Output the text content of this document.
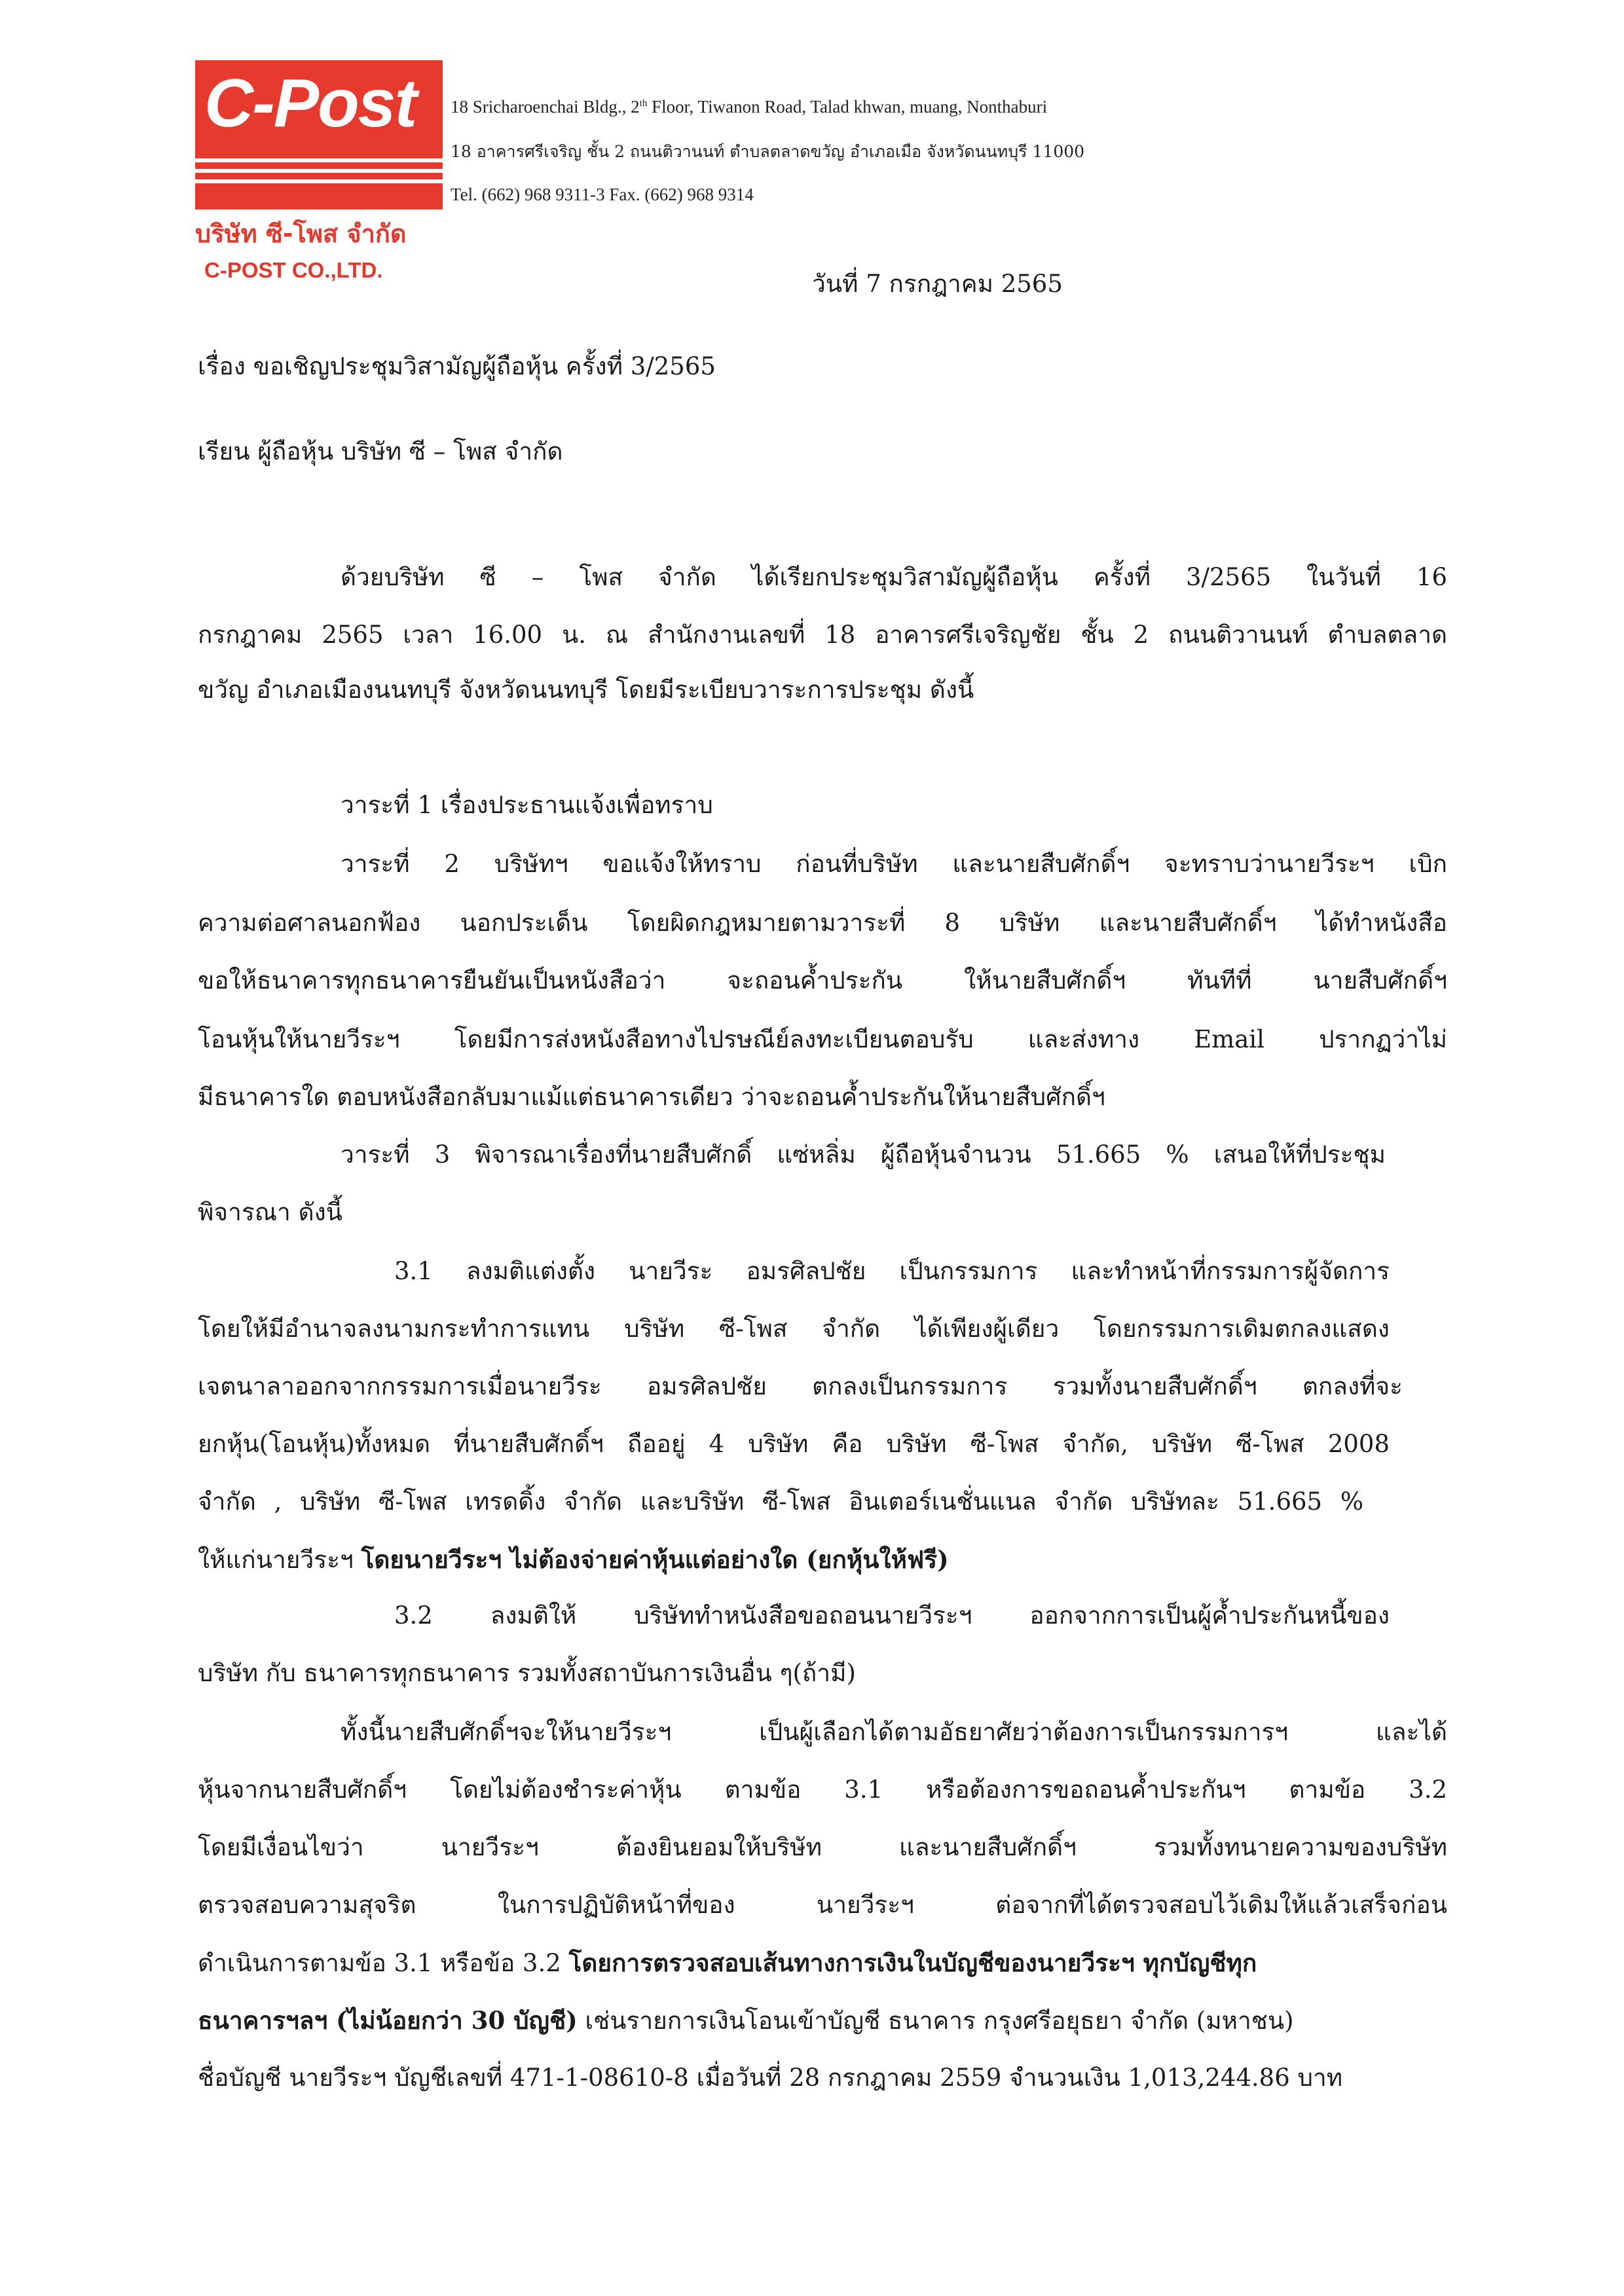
C-Post
บริษัท ซี-โพส จำกัด
C-POST CO.,LTD.
18 Sricharoenchai Bldg., 2th Floor, Tiwanon Road, Talad khwan, muang, Nonthaburi
18 อาคารศรีเจริญ ชั้น 2 ถนนติวานนท์ ตำบลตลาดขวัญ อำเภอเมือ จังหวัดนนทบุรี 11000
Tel. (662) 968 9311-3 Fax. (662) 968 9314
วันที่ 7 กรกฎาคม 2565
เรื่อง ขอเชิญประชุมวิสามัญผู้ถือหุ้น ครั้งที่ 3/2565
เรียน ผู้ถือหุ้น บริษัท ซี – โพส จำกัด
ด้วยบริษัท ซี – โพส จำกัด ได้เรียกประชุมวิสามัญผู้ถือหุ้น ครั้งที่ 3/2565 ในวันที่ 16
กรกฎาคม 2565 เวลา 16.00 น. ณ สำนักงานเลขที่ 18 อาคารศรีเจริญชัย ชั้น 2 ถนนติวานนท์ ตำบลตลาด
ขวัญ อำเภอเมืองนนทบุรี จังหวัดนนทบุรี โดยมีระเบียบวาระการประชุม ดังนี้
วาระที่ 1 เรื่องประธานแจ้งเพื่อทราบ
วาระที่ 2 บริษัทฯ ขอแจ้งให้ทราบ ก่อนที่บริษัท และนายสืบศักดิ์ฯ จะทราบว่านายวีระฯ เบิก
ความต่อศาลนอกฟ้อง นอกประเด็น โดยผิดกฎหมายตามวาระที่ 8 บริษัท และนายสืบศักดิ์ฯ ได้ทำหนังสือ
ขอให้ธนาคารทุกธนาคารยืนยันเป็นหนังสือว่า จะถอนค้ำประกัน ให้นายสืบศักดิ์ฯ ทันทีที่ นายสืบศักดิ์ฯ
โอนหุ้นให้นายวีระฯ โดยมีการส่งหนังสือทางไปรษณีย์ลงทะเบียนตอบรับ และส่งทาง Email ปรากฏว่าไม่
มีธนาคารใด ตอบหนังสือกลับมาแม้แต่ธนาคารเดียว ว่าจะถอนค้ำประกันให้นายสืบศักดิ์ฯ
วาระที่ 3 พิจารณาเรื่องที่นายสืบศักดิ์ แซ่หลิ่ม ผู้ถือหุ้นจำนวน 51.665 % เสนอให้ที่ประชุม
พิจารณา ดังนี้
3.1 ลงมติแต่งตั้ง นายวีระ อมรศิลปชัย เป็นกรรมการ และทำหน้าที่กรรมการผู้จัดการ
โดยให้มีอำนาจลงนามกระทำการแทน บริษัท ซี-โพส จำกัด ได้เพียงผู้เดียว โดยกรรมการเดิมตกลงแสดง
เจตนาลาออกจากกรรมการเมื่อนายวีระ อมรศิลปชัย ตกลงเป็นกรรมการ รวมทั้งนายสืบศักดิ์ฯ ตกลงที่จะ
ยกหุ้น(โอนหุ้น)ทั้งหมด ที่นายสืบศักดิ์ฯ ถืออยู่ 4 บริษัท คือ บริษัท ซี-โพส จำกัด, บริษัท ซี-โพส 2008
จำกัด , บริษัท ซี-โพส เทรดดิ้ง จำกัด และบริษัท ซี-โพส อินเตอร์เนชั่นแนล จำกัด บริษัทละ 51.665 %
ให้แก่นายวีระฯ โดยนายวีระฯ ไม่ต้องจ่ายค่าหุ้นแต่อย่างใด (ยกหุ้นให้ฟรี)
3.2 ลงมติให้ บริษัททำหนังสือขอถอนนายวีระฯ ออกจากการเป็นผู้ค้ำประกันหนี้ของ
บริษัท กับ ธนาคารทุกธนาคาร รวมทั้งสถาบันการเงินอื่น ๆ(ถ้ามี)
ทั้งนี้นายสืบศักดิ์ฯจะให้นายวีระฯ เป็นผู้เลือกได้ตามอัธยาศัยว่าต้องการเป็นกรรมการฯ และได้
หุ้นจากนายสืบศักดิ์ฯ โดยไม่ต้องชำระค่าหุ้น ตามข้อ 3.1 หรือต้องการขอถอนค้ำประกันฯ ตามข้อ 3.2
โดยมีเงื่อนไขว่า นายวีระฯ ต้องยินยอมให้บริษัท และนายสืบศักดิ์ฯ รวมทั้งทนายความของบริษัท
ตรวจสอบความสุจริต ในการปฏิบัติหน้าที่ของ นายวีระฯ ต่อจากที่ได้ตรวจสอบไว้เดิมให้แล้วเสร็จก่อน
ดำเนินการตามข้อ 3.1 หรือข้อ 3.2 โดยการตรวจสอบเส้นทางการเงินในบัญชีของนายวีระฯ ทุกบัญชีทุก
ธนาคารฯลฯ (ไม่น้อยกว่า 30 บัญชี) เช่นรายการเงินโอนเข้าบัญชี ธนาคาร กรุงศรีอยุธยา จำกัด (มหาชน)
ชื่อบัญชี นายวีระฯ บัญชีเลขที่ 471-1-08610-8 เมื่อวันที่ 28 กรกฎาคม 2559 จำนวนเงิน 1,013,244.86 บาท
